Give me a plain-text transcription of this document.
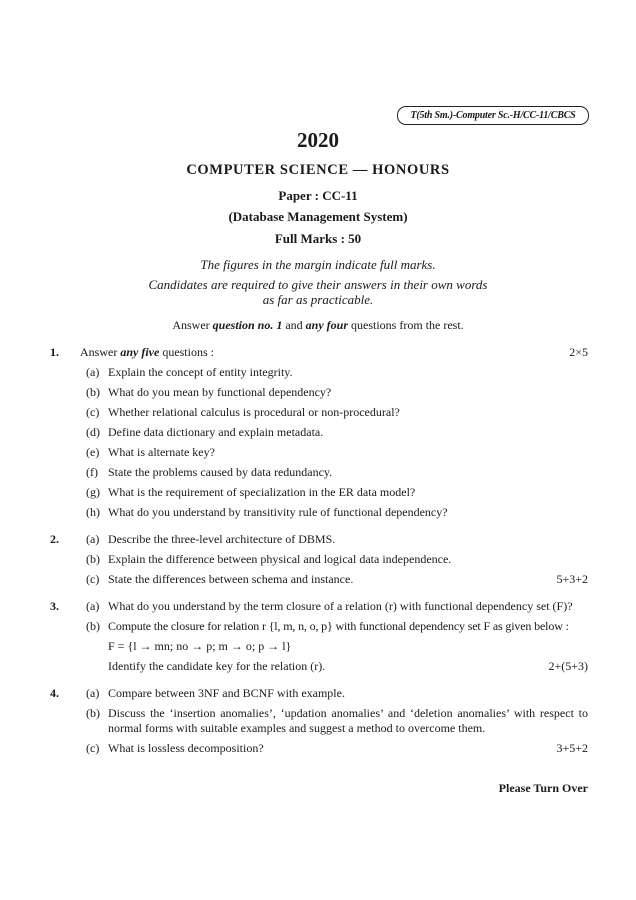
T(5th Sm.)-Computer Sc.-H/CC-11/CBCS
2020
COMPUTER SCIENCE — HONOURS
Paper : CC-11
(Database Management System)
Full Marks : 50
The figures in the margin indicate full marks.
Candidates are required to give their answers in their own words
as far as practicable.
Answer question no. 1 and any four questions from the rest.
1.	Answer any five questions :	2×5
(a) Explain the concept of entity integrity.
(b) What do you mean by functional dependency?
(c) Whether relational calculus is procedural or non-procedural?
(d) Define data dictionary and explain metadata.
(e) What is alternate key?
(f) State the problems caused by data redundancy.
(g) What is the requirement of specialization in the ER data model?
(h) What do you understand by transitivity rule of functional dependency?
2.	(a) Describe the three-level architecture of DBMS.
(b) Explain the difference between physical and logical data independence.
(c) State the differences between schema and instance.	5+3+2
3.	(a) What do you understand by the term closure of a relation (r) with functional dependency set (F)?
(b) Compute the closure for relation r {l, m, n, o, p} with functional dependency set F as given below :
F = {l → mn; no → p; m → o; p → l}
Identify the candidate key for the relation (r).	2+(5+3)
4.	(a) Compare between 3NF and BCNF with example.
(b) Discuss the ‘insertion anomalies’, ‘updation anomalies’ and ‘deletion anomalies’ with respect to normal forms with suitable examples and suggest a method to overcome them.
(c) What is lossless decomposition?	3+5+2
Please Turn Over
